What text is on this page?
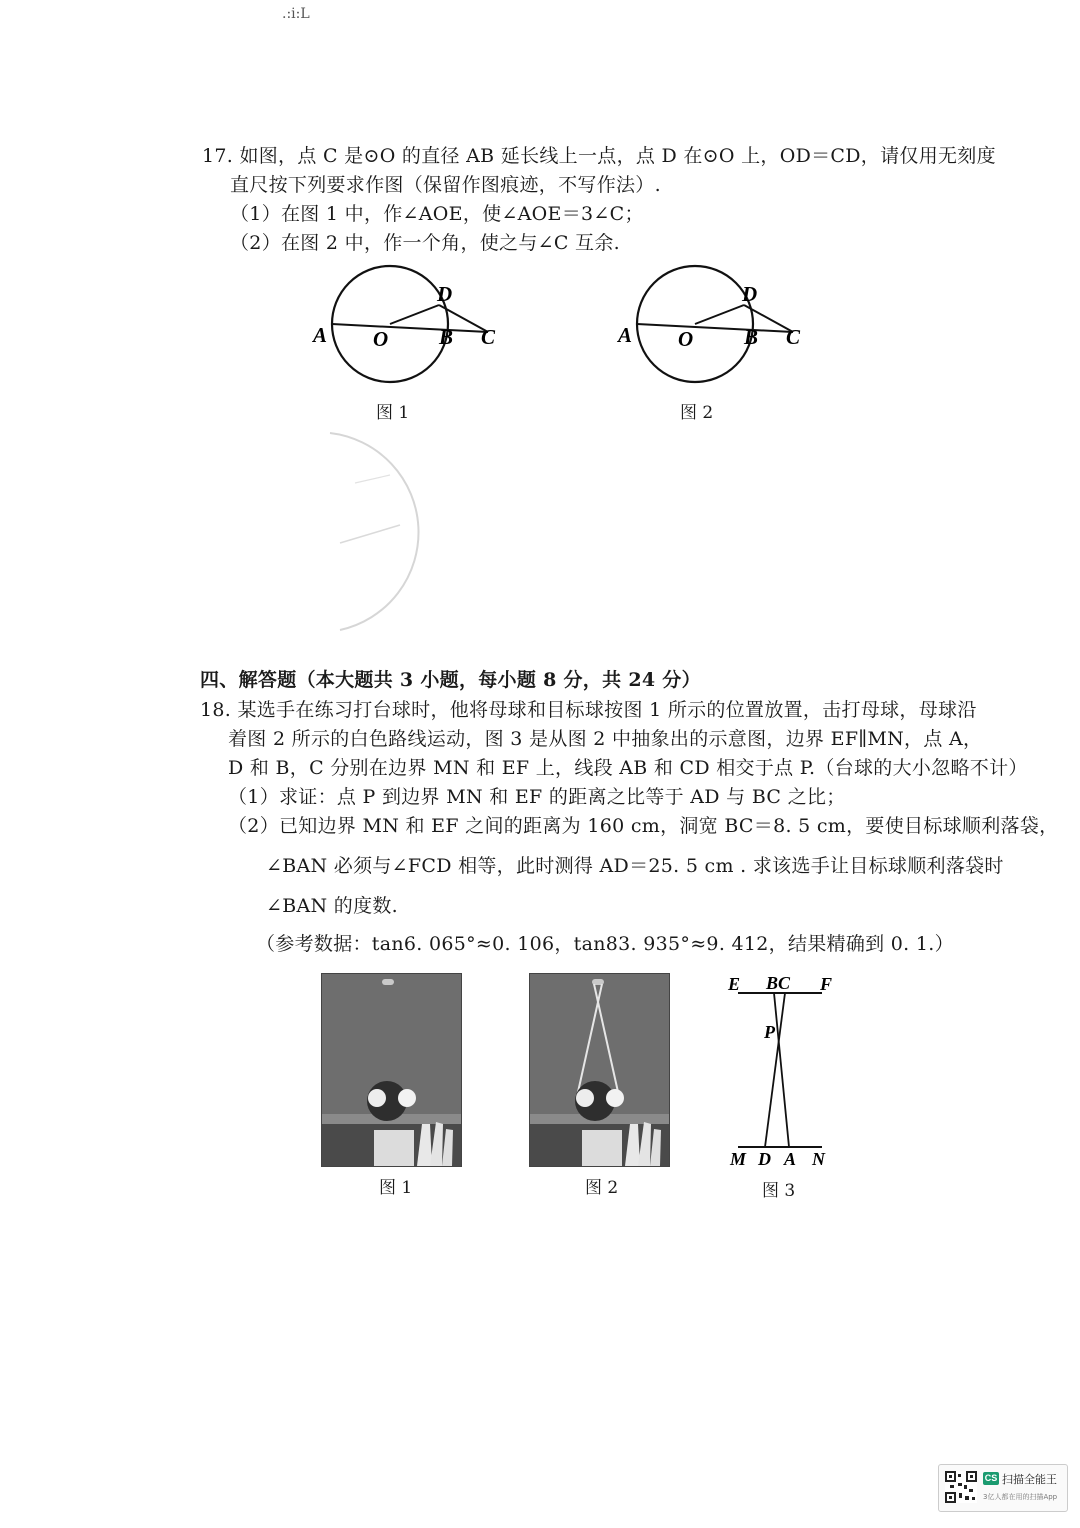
.:i:L
17. 如图，点 C 是⊙O 的直径 AB 延长线上一点，点 D 在⊙O 上，OD＝CD，请仅用无刻度
直尺按下列要求作图（保留作图痕迹，不写作法）.
（1）在图 1 中，作∠AOE，使∠AOE＝3∠C；
（2）在图 2 中，作一个角，使之与∠C 互余.
A O B C
D
图 1
A O B C
D
图 2
四、解答题（本大题共 3 小题，每小题 8 分，共 24 分）
18. 某选手在练习打台球时，他将母球和目标球按图 1 所示的位置放置，击打母球，母球沿
着图 2 所示的白色路线运动，图 3 是从图 2 中抽象出的示意图，边界 EF∥MN，点 A，
D 和 B，C 分别在边界 MN 和 EF 上，线段 AB 和 CD 相交于点 P.（台球的大小忽略不计）
（1）求证：点 P 到边界 MN 和 EF 的距离之比等于 AD 与 BC 之比；
（2）已知边界 MN 和 EF 之间的距离为 160 cm，洞宽 BC＝8. 5 cm，要使目标球顺利落袋，
∠BAN 必须与∠FCD 相等，此时测得 AD＝25. 5 cm . 求该选手让目标球顺利落袋时
∠BAN 的度数.
（参考数据：tan6. 065°≈0. 106，tan83. 935°≈9. 412，结果精确到 0. 1.）
图 1	图 2
E BC F
P
M D A N
图 3
CS 扫描全能王
3亿人都在用的扫描App
